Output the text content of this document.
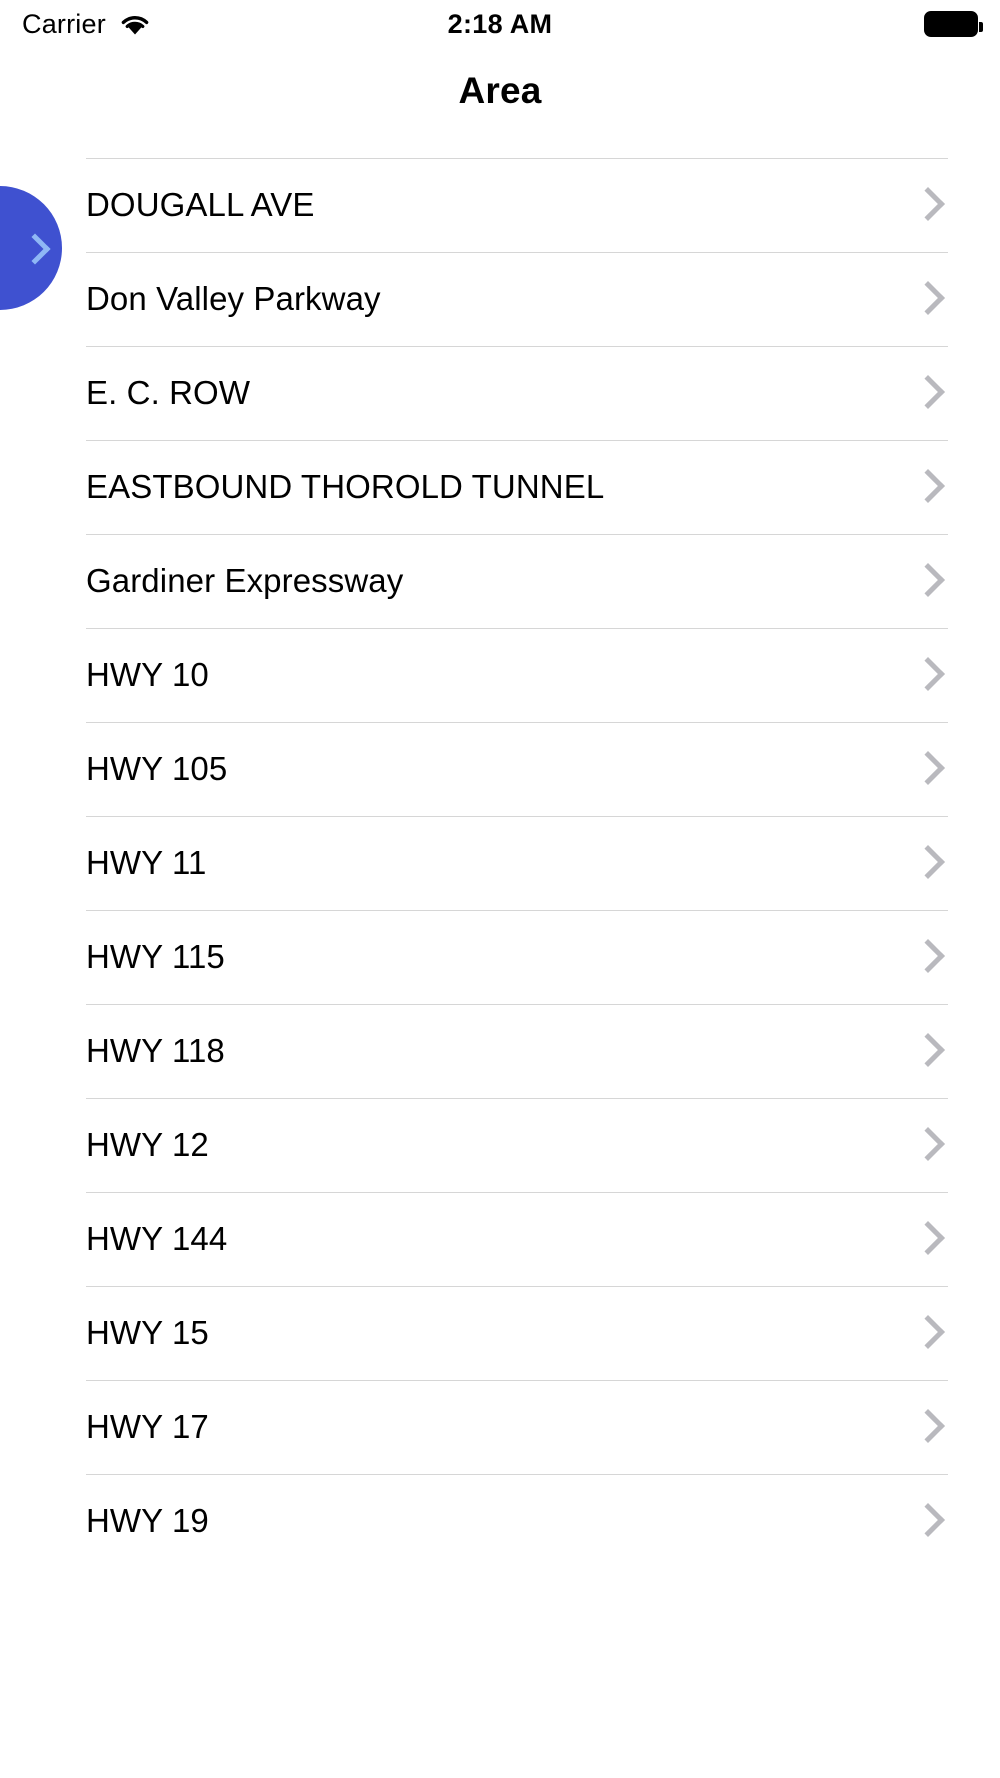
Carrier	2:18 AM
Area
DOUGALL AVE
Don Valley Parkway
E. C. ROW
EASTBOUND THOROLD TUNNEL
Gardiner Expressway
HWY 10
HWY 105
HWY 11
HWY 115
HWY 118
HWY 12
HWY 144
HWY 15
HWY 17
HWY 19
